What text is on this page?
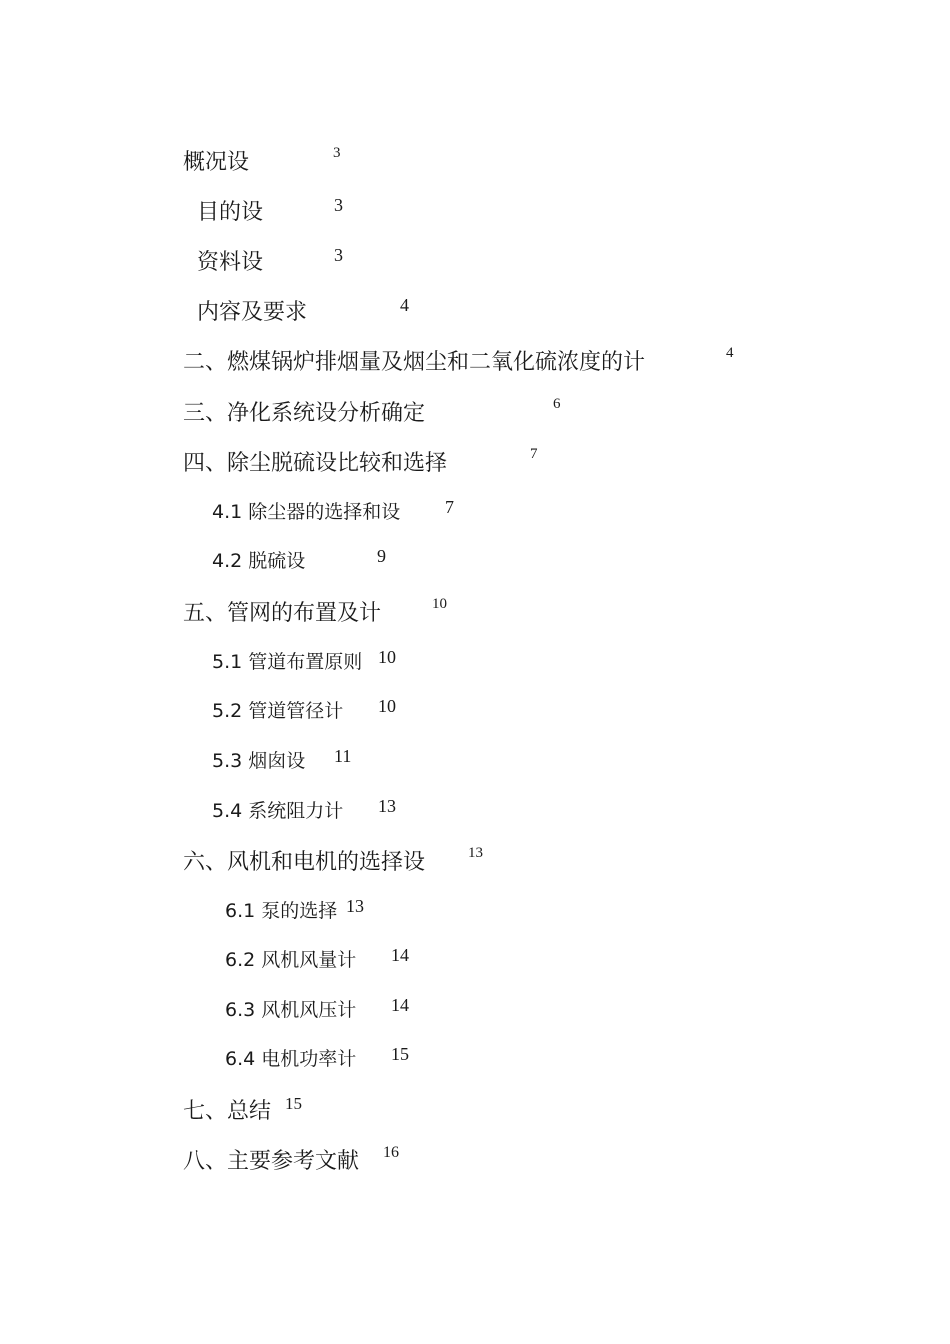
概况设	3
目的设	3
资料设	3
内容及要求	4
二、燃煤锅炉排烟量及烟尘和二氧化硫浓度的计	4
三、净化系统设分析确定	6
四、除尘脱硫设比较和选择	7
4.1 除尘器的选择和设 7
4.2 脱硫设	9
五、管网的布置及计	10
5.1 管道布置原则 10
5.2 管道管径计 10
5.3 烟囱设 11
5.4 系统阻力计 13
六、风机和电机的选择设	13
6.1 泵的选择 13
6.2 风机风量计 14
6.3 风机风压计 14
6.4 电机功率计 15
七、总结 15
八、主要参考文献 16
